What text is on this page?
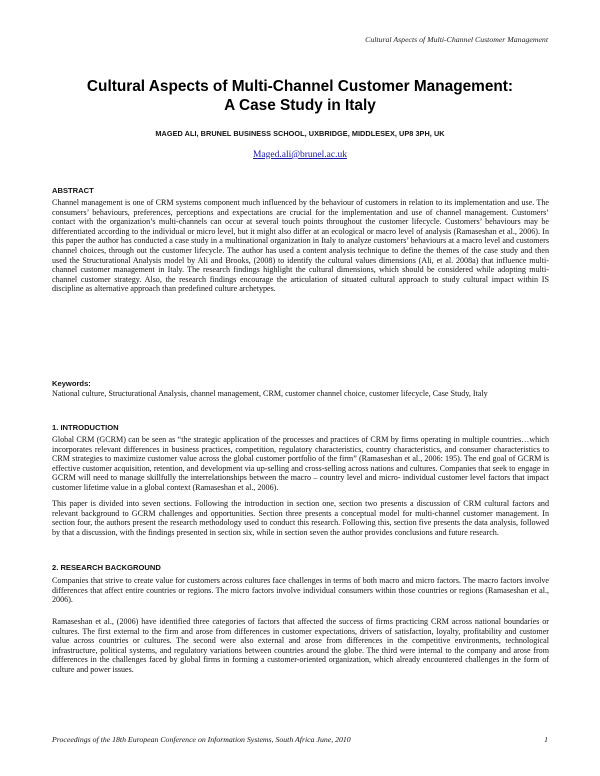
Cultural Aspects of Multi-Channel Customer Management
Cultural Aspects of Multi-Channel Customer Management:
A Case Study in Italy
MAGED ALI, BRUNEL BUSINESS SCHOOL, UXBRIDGE, MIDDLESEX, UP8 3PH, UK
Maged.ali@brunel.ac.uk
ABSTRACT

Channel management is one of CRM systems component much influenced by the behaviour of customers in relation to its implementation and use. The consumers’ behaviours, preferences, perceptions and expectations are crucial for the implementation and use of channel management. Customers’ contact with the organization’s multi-channels can occur at several touch points throughout the customer lifecycle. Customers’ behaviours may be differentiated according to the individual or micro level, but it might also differ at an ecological or macro level of analysis (Ramaseshan et al., 2006). In this paper the author has conducted a case study in a multinational organization in Italy to analyze customers’ behaviours at a macro level and customers channel choices, through out the customer lifecycle. The author has used a content analysis technique to define the themes of the case study and then used the Structurational Analysis model by Ali and Brooks, (2008) to identify the cultural values dimensions (Ali, et al. 2008a) that influence multi-channel customer management in Italy. The research findings highlight the cultural dimensions, which should be considered while adopting multi-channel customer strategy. Also, the research findings encourage the articulation of situated cultural approach to study cultural impact within IS discipline as alternative approach than predefined culture archetypes.

Keywords:

National culture, Structurational Analysis, channel management, CRM, customer channel choice, customer lifecycle, Case Study, Italy

1. INTRODUCTION

Global CRM (GCRM) can be seen as “the strategic application of the processes and practices of CRM by firms operating in multiple countries…which incorporates relevant differences in business practices, competition, regulatory characteristics, country characteristics, and consumer characteristics to CRM strategies to maximize customer value across the global customer portfolio of the firm” (Ramaseshan et al., 2006: 195). The end goal of GCRM is effective customer acquisition, retention, and development via up-selling and cross-selling across nations and cultures. Companies that seek to engage in GCRM will need to manage skillfully the interrelationships between the macro – country level and micro- individual customer level factors that impact customer lifetime value in a global context (Ramaseshan et al., 2006).

This paper is divided into seven sections. Following the introduction in section one, section two presents a discussion of CRM cultural factors and relevant background to GCRM challenges and opportunities. Section three presents a conceptual model for multi-channel customer management. In section four, the authors present the research methodology used to conduct this research. Following this, section five presents the data analysis, followed by that a discussion, with the findings presented in section six, while in section seven the author provides conclusions and future research.

2. RESEARCH BACKGROUND

Companies that strive to create value for customers across cultures face challenges in terms of both macro and micro factors. The macro factors involve differences that affect entire countries or regions. The micro factors involve individual consumers within those countries or regions (Ramaseshan et al., 2006).

Ramaseshan et al., (2006) have identified three categories of factors that affected the success of firms practicing CRM across national boundaries or cultures. The first external to the firm and arose from differences in customer expectations, drivers of satisfaction, loyalty, profitability and customer value across countries or cultures. The second were also external and arose from differences in the competitive environments, technological infrastructure, political systems, and regulatory variations between countries around the globe. The third were internal to the company and arose from differences in the challenges faced by global firms in forming a customer-oriented organization, which already encountered challenges in the form of culture and power issues.

Proceedings of the 18th European Conference on Information Systems, South Africa June, 2010	1
